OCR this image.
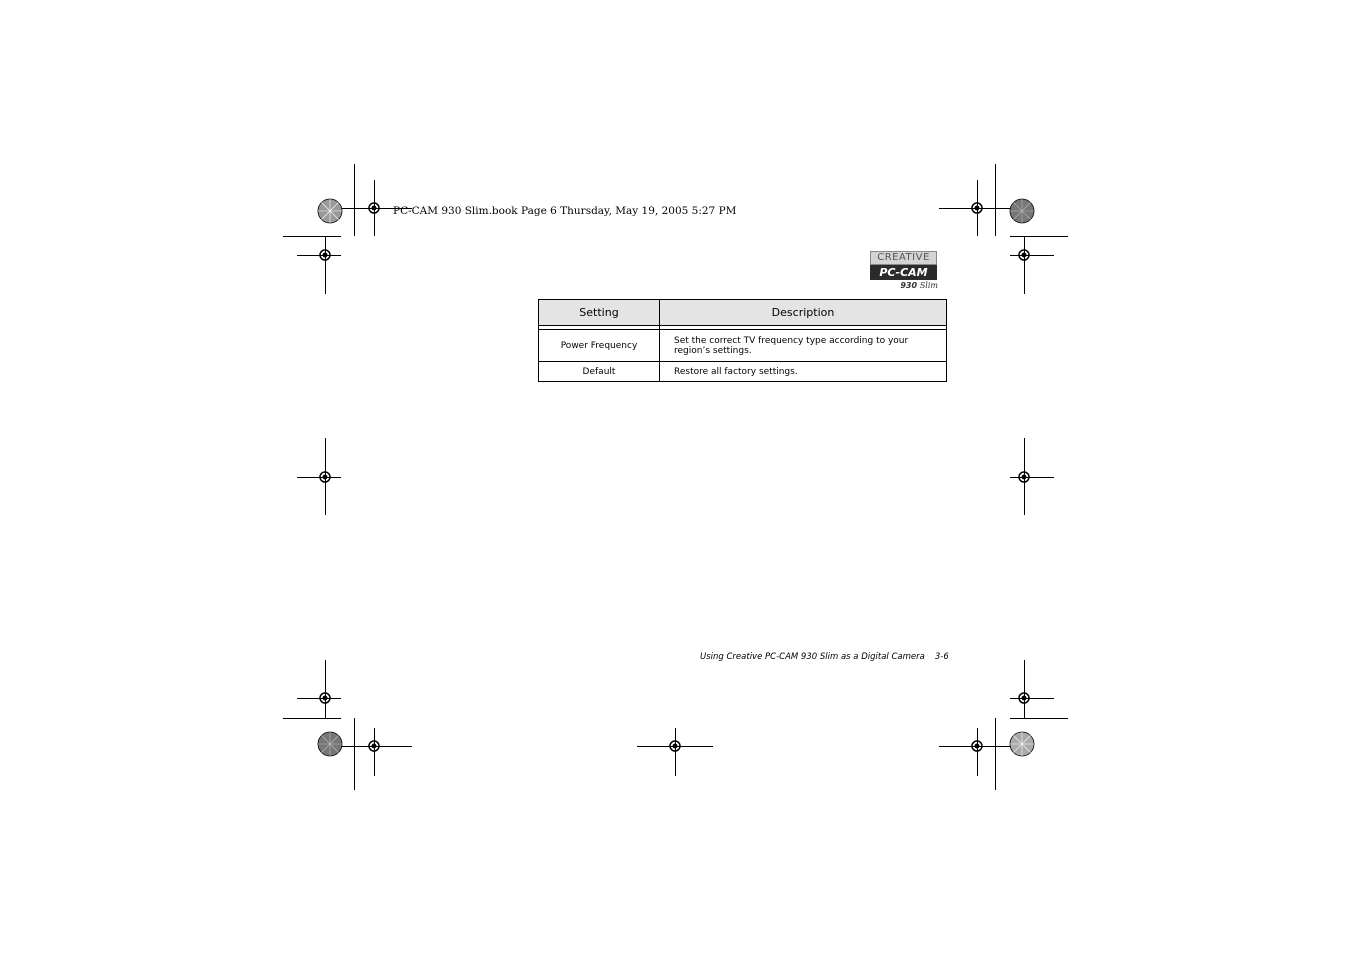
PC-CAM 930 Slim.book Page 6 Thursday, May 19, 2005 5:27 PM
CREATIVE
PC-CAM
930 Slim
Setting	Description

Power Frequency	Set the correct TV frequency type according to your region’s settings.
Default	Restore all factory settings.
Using Creative PC-CAM 930 Slim as a Digital Camera 3-6
